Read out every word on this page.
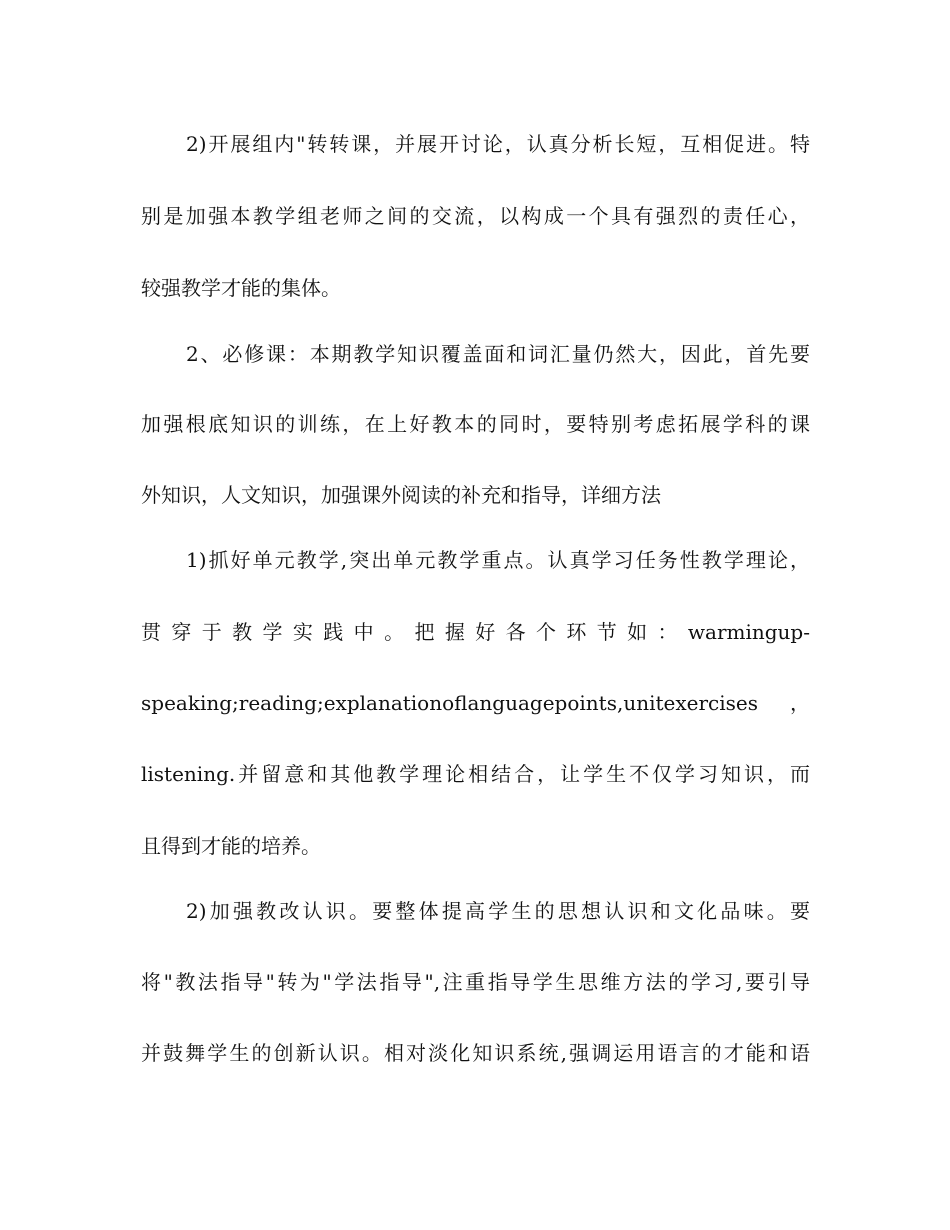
2)开展组内"转转课，并展开讨论，认真分析长短，互相促进。特
别是加强本教学组老师之间的交流，以构成一个具有强烈的责任心，
较强教学才能的集体。
2、必修课：本期教学知识覆盖面和词汇量仍然大，因此，首先要
加强根底知识的训练，在上好教本的同时，要特别考虑拓展学科的课
外知识，人文知识，加强课外阅读的补充和指导，详细方法
1)抓好单元教学,突出单元教学重点。认真学习任务性教学理论，
贯 穿 于 教 学 实 践 中 。 把 握 好 各 个 环 节 如 ： warmingup-
speaking;reading;explanationoflanguagepoints,unitexercises ，
listening.并留意和其他教学理论相结合，让学生不仅学习知识，而
且得到才能的培养。
2)加强教改认识。要整体提高学生的思想认识和文化品味。要
将"教法指导"转为"学法指导",注重指导学生思维方法的学习,要引导
并鼓舞学生的创新认识。相对淡化知识系统,强调运用语言的才能和语
